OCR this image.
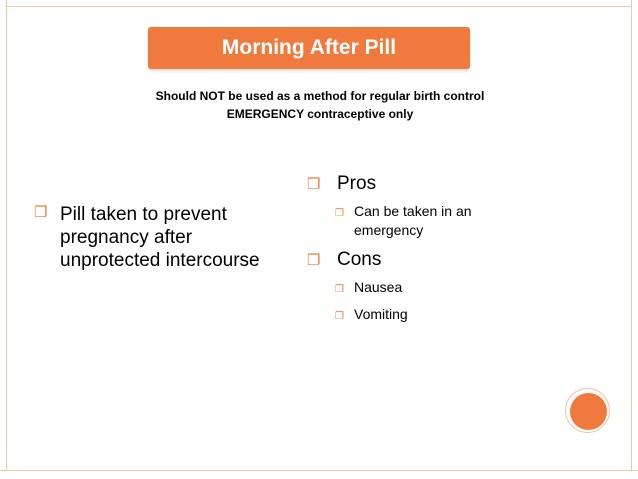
Morning After Pill
Should NOT be used as a method for regular birth control
EMERGENCY contraceptive only
❒ Pill taken to prevent pregnancy after unprotected intercourse
❒ Pros
❒ Can be taken in an emergency
❒ Cons
❒ Nausea
❒ Vomiting
